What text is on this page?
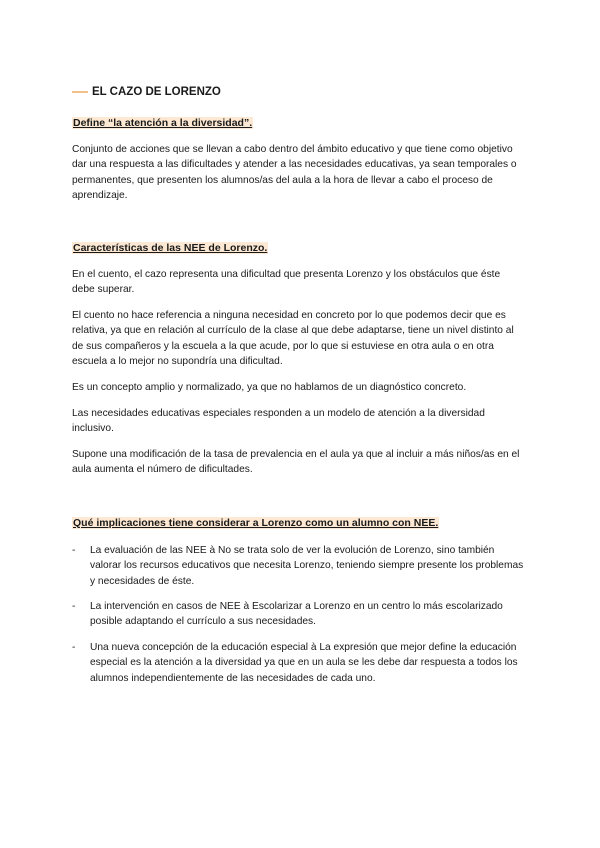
EL CAZO DE LORENZO
Define “la atención a la diversidad”.

Conjunto de acciones que se llevan a cabo dentro del ámbito educativo y que tiene como objetivo dar una respuesta a las dificultades y atender a las necesidades educativas, ya sean temporales o permanentes, que presenten los alumnos/as del aula a la hora de llevar a cabo el proceso de aprendizaje.

Características de las NEE de Lorenzo.

En el cuento, el cazo representa una dificultad que presenta Lorenzo y los obstáculos que éste debe superar.

El cuento no hace referencia a ninguna necesidad en concreto por lo que podemos decir que es relativa, ya que en relación al currículo de la clase al que debe adaptarse, tiene un nivel distinto al de sus compañeros y la escuela a la que acude, por lo que si estuviese en otra aula o en otra escuela a lo mejor no supondría una dificultad.

Es un concepto amplio y normalizado, ya que no hablamos de un diagnóstico concreto.

Las necesidades educativas especiales responden a un modelo de atención a la diversidad inclusivo.

Supone una modificación de la tasa de prevalencia en el aula ya que al incluir a más niños/as en el aula aumenta el número de dificultades.

Qué implicaciones tiene considerar a Lorenzo como un alumno con NEE.
- La evaluación de las NEE à No se trata solo de ver la evolución de Lorenzo, sino también valorar los recursos educativos que necesita Lorenzo, teniendo siempre presente los problemas y necesidades de éste.
- La intervención en casos de NEE à Escolarizar a Lorenzo en un centro lo más escolarizado posible adaptando el currículo a sus necesidades.
- Una nueva concepción de la educación especial à La expresión que mejor define la educación especial es la atención a la diversidad ya que en un aula se les debe dar respuesta a todos los alumnos independientemente de las necesidades de cada uno.
